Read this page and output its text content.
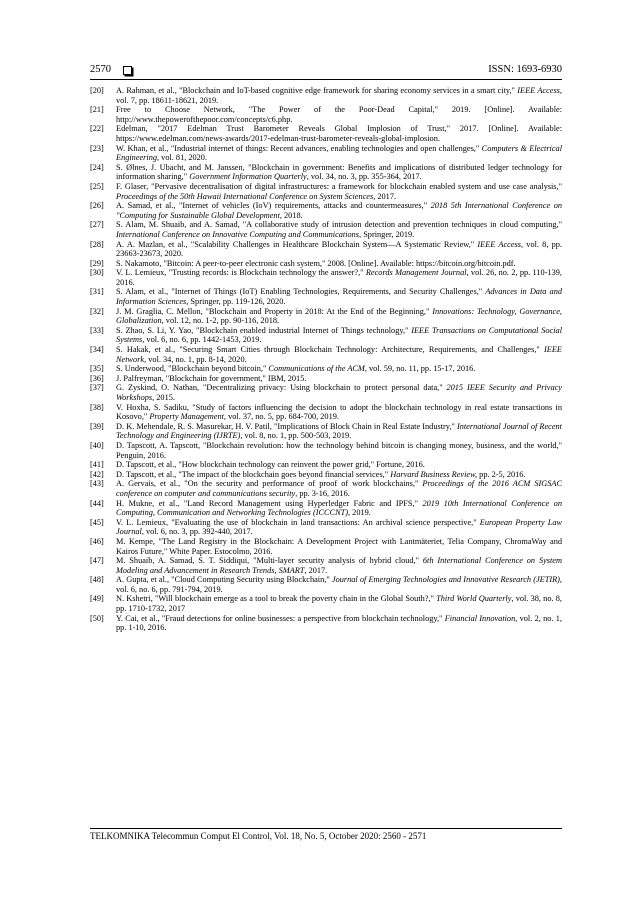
2570	ISSN: 1693-6930
[20] A. Rahman, et al., "Blockchain and IoT-based cognitive edge framework for sharing economy services in a smart city," IEEE Access, vol. 7, pp. 18611-18621, 2019.
[21] Free to Choose Network, "The Power of the Poor-Dead Capital," 2019. [Online]. Available: http://www.thepowerofthepoor.com/concepts/c6.php.
[22] Edelman, "2017 Edelman Trust Barometer Reveals Global Implosion of Trust," 2017. [Online]. Available: https://www.edelman.com/news-awards/2017-edelman-trust-barometer-reveals-global-implosion.
[23] W. Khan, et al., "Industrial internet of things: Recent advances, enabling technologies and open challenges," Computers & Electrical Engineering, vol. 81, 2020.
[24] S. Ølnes, J. Ubacht, and M. Janssen, "Blockchain in government: Benefits and implications of distributed ledger technology for information sharing," Government Information Quarterly, vol. 34, no. 3, pp. 355-364, 2017.
[25] F. Glaser, "Pervasive decentralisation of digital infrastructures: a framework for blockchain enabled system and use case analysis," Proceedings of the 50th Hawaii International Conference on System Sciences, 2017.
[26] A. Samad, et al., "Internet of vehicles (IoV) requirements, attacks and countermeasures," 2018 5th International Conference on "Computing for Sustainable Global Development, 2018.
[27] S. Alam, M. Shuaib, and A. Samad, "A collaborative study of intrusion detection and prevention techniques in cloud computing," International Conference on Innovative Computing and Communications, Springer, 2019.
[28] A. A. Mazlan, et al., "Scalability Challenges in Healthcare Blockchain System—A Systematic Review," IEEE Access, vol. 8, pp. 23663-23673, 2020.
[29] S. Nakamoto, "Bitcoin: A peer-to-peer electronic cash system," 2008. [Online]. Available: https://bitcoin.org/bitcoin.pdf.
[30] V. L. Lemieux, "Trusting records: is Blockchain technology the answer?," Records Management Journal, vol. 26, no. 2, pp. 110-139, 2016.
[31] S. Alam, et al., "Internet of Things (IoT) Enabling Technologies, Requirements, and Security Challenges," Advances in Data and Information Sciences, Springer, pp. 119-126, 2020.
[32] J. M. Graglia, C. Mellon, "Blockchain and Property in 2018: At the End of the Beginning," Innovations: Technology, Governance, Globalization, vol. 12, no. 1-2, pp. 90-116, 2018.
[33] S. Zhao, S. Li, Y. Yao, "Blockchain enabled industrial Internet of Things technology," IEEE Transactions on Computational Social Systems, vol. 6, no. 6, pp. 1442-1453, 2019.
[34] S. Hakak, et al., "Securing Smart Cities through Blockchain Technology: Architecture, Requirements, and Challenges," IEEE Network, vol. 34, no. 1, pp. 8-14, 2020.
[35] S. Underwood, "Blockchain beyond bitcoin," Communications of the ACM, vol. 59, no. 11, pp. 15-17, 2016.
[36] J. Palfreyman, "Blockchain for government," IBM, 2015.
[37] G. Zyskind, O. Nathan, "Decentralizing privacy: Using blockchain to protect personal data," 2015 IEEE Security and Privacy Workshops, 2015.
[38] V. Hoxha, S. Sadiku, "Study of factors influencing the decision to adopt the blockchain technology in real estate transactions in Kosovo," Property Management, vol. 37, no. 5, pp. 684-700, 2019.
[39] D. K. Mehendale, R. S. Masurekar, H. V. Patil, "Implications of Block Chain in Real Estate Industry," International Journal of Recent Technology and Engineering (IJRTE), vol. 8, no. 1, pp. 500-503, 2019.
[40] D. Tapscott, A. Tapscott, "Blockchain revolution: how the technology behind bitcoin is changing money, business, and the world," Penguin, 2016.
[41] D. Tapscott, et al., "How blockchain technology can reinvent the power grid," Fortune, 2016.
[42] D. Tapscott, et al., "The impact of the blockchain goes beyond financial services," Harvard Business Review, pp. 2-5, 2016.
[43] A. Gervais, et al., "On the security and performance of proof of work blockchains," Proceedings of the 2016 ACM SIGSAC conference on computer and communications security, pp. 3-16, 2016.
[44] H. Mukne, et al., "Land Record Management using Hyperledger Fabric and IPFS," 2019 10th International Conference on Computing, Communication and Networking Technologies (ICCCNT), 2019.
[45] V. L. Lemieux, "Evaluating the use of blockchain in land transactions: An archival science perspective," European Property Law Journal, vol. 6, no. 3, pp. 392-440, 2017.
[46] M. Kempe, "The Land Registry in the Blockchain: A Development Project with Lantmäteriet, Telia Company, ChromaWay and Kairos Future," White Paper. Estocolmo, 2016.
[47] M. Shuaib, A. Samad, S. T. Siddiqui, "Multi-layer security analysis of hybrid cloud," 6th International Conference on System Modeling and Advancement in Research Trends, SMART, 2017.
[48] A. Gupta, et al., "Cloud Computing Security using Blockchain," Journal of Emerging Technologies and Innovative Research (JETIR), vol. 6, no. 6, pp. 791-794, 2019.
[49] N. Kshetri, "Will blockchain emerge as a tool to break the poverty chain in the Global South?," Third World Quarterly, vol. 38, no. 8, pp. 1710-1732, 2017
[50] Y. Cai, et al., "Fraud detections for online businesses: a perspective from blockchain technology," Financial Innovation, vol. 2, no. 1, pp. 1-10, 2016.
TELKOMNIKA Telecommun Comput El Control, Vol. 18, No. 5, October 2020: 2560 - 2571
